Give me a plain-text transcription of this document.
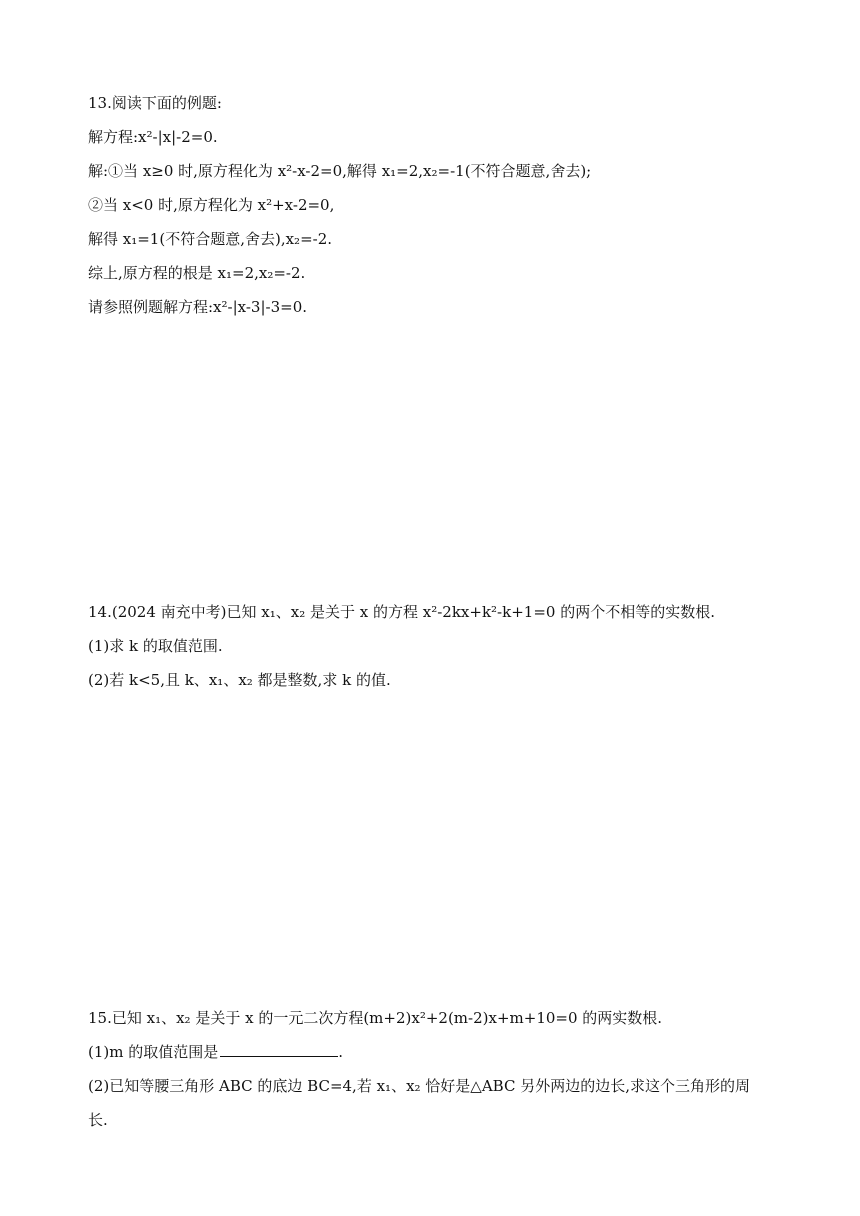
13.阅读下面的例题:
解方程:x²-|x|-2=0.
解:①当 x≥0 时,原方程化为 x²-x-2=0,解得 x₁=2,x₂=-1(不符合题意,舍去);
②当 x<0 时,原方程化为 x²+x-2=0,
解得 x₁=1(不符合题意,舍去),x₂=-2.
综上,原方程的根是 x₁=2,x₂=-2.
请参照例题解方程:x²-|x-3|-3=0.
14.(2024 南充中考)已知 x₁、x₂ 是关于 x 的方程 x²-2kx+k²-k+1=0 的两个不相等的实数根.
(1)求 k 的取值范围.
(2)若 k<5,且 k、x₁、x₂ 都是整数,求 k 的值.
15.已知 x₁、x₂ 是关于 x 的一元二次方程(m+2)x²+2(m-2)x+m+10=0 的两实数根.
(1)m 的取值范围是	.
(2)已知等腰三角形 ABC 的底边 BC=4,若 x₁、x₂ 恰好是△ABC 另外两边的边长,求这个三角形的周
长.
